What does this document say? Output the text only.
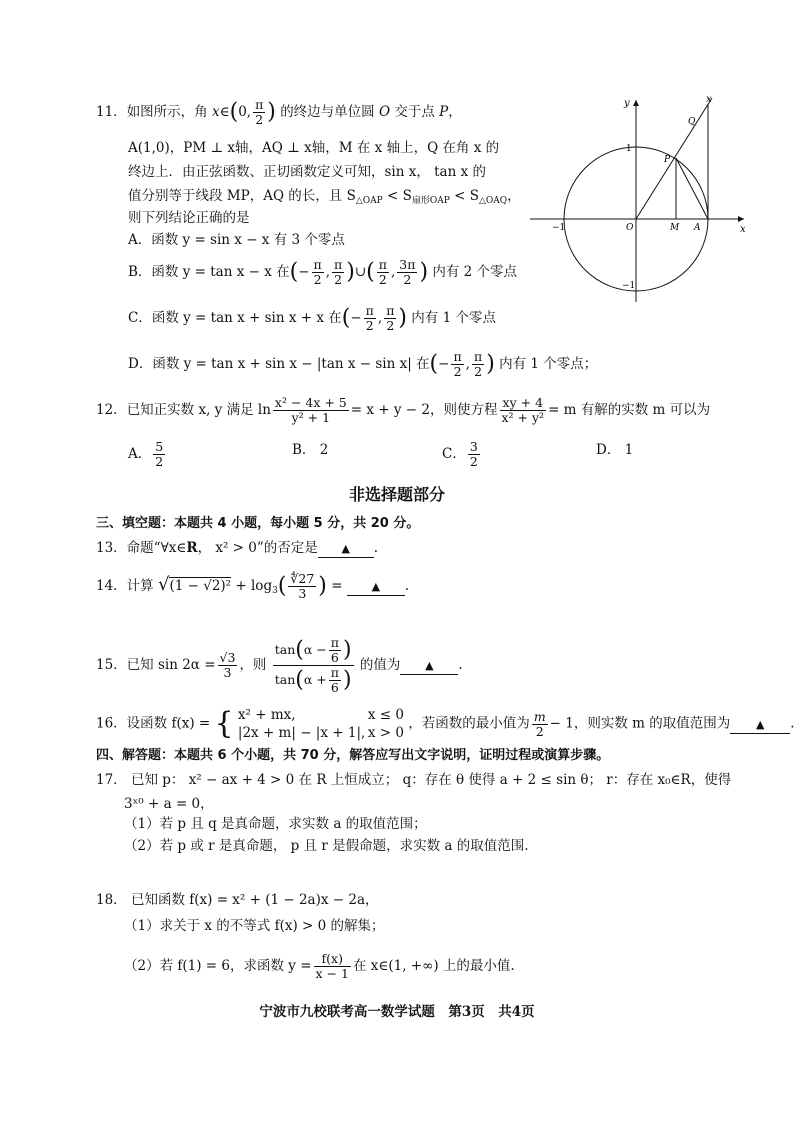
11．如图所示，角 x∈(0, $\frac{\pi}{2}$ ) 的终边与单位圆 O 交于点 P，
A(1,0)，PM ⊥ x轴，AQ ⊥ x轴，M 在 x 轴上，Q 在角 x 的
终边上．由正弦函数、正切函数定义可知，sin x， tan x 的
值分别等于线段 MP，AQ 的长，且 $S_{\triangle OAP} < S_{扇形OAP} < S_{\triangle OAQ}$，
则下列结论正确的是
A．函数 y = sin x − x 有 3 个零点
B．函数 y = tan x − x 在(− $\frac{\pi}{2}$ , $\frac{\pi}{2}$ )∪( $\frac{\pi}{2}$ , $\frac{3\pi}{2}$ ) 内有 2 个零点
C．函数 y = tan x + sin x + x 在(− $\frac{\pi}{2}$ , $\frac{\pi}{2}$ ) 内有 1 个零点
D．函数 y = tan x + sin x − |tan x − sin x| 在(− $\frac{\pi}{2}$ , $\frac{\pi}{2}$ ) 内有 1 个零点；
y	x
Q
P
1
−1	O	M A	x
−1
12．已知正实数 x, y 满足 $\ln \frac{\text{x² − 4x + 5}}{\text{y² + 1}} = x + y - 2$，则使方程 $\frac{xy + 4}{\text{x² + y²}} = m$ 有解的实数 m 可以为
A． $\frac{5}{2}$	B． 2	C． $\frac{3}{2}$	D． 1
非选择题部分
三、填空题：本题共 4 小题，每小题 5 分，共 20 分。
13．命题“∀x∈R， x² > 0”的否定是 ▲ .
14．计算 $√(1 - √2)^2 + \log_3( \frac{∜27}{3}$ ) =	▲ .
15．已知 $\sin 2\alpha = \frac{√3}{3}$ ，则 $\frac{\tan(\alpha - \frac{\pi}{6} )}{\tan(\alpha + \frac{\pi}{6} )}$ 的值为 ▲ .
16．设函数 f(x) = { x² + mx,	x ≤ 0
|2x + m| − |x + 1|, x > 0
，若函数的最小值为 $\frac{m}{2} - 1$，则实数 m 的取值范围为 ▲ .
四、解答题：本题共 6 个小题，共 70 分，解答应写出文字说明，证明过程或演算步骤。
17． 已知 p： x² − ax + 4 > 0 在 R 上恒成立； q：存在 θ 使得 a + 2 ≤ sin θ； r：存在 x₀∈R，使得
3ˣ⁰ + a = 0，
（1）若 p 且 q 是真命题，求实数 a 的取值范围；
（2）若 p 或 r 是真命题， p 且 r 是假命题，求实数 a 的取值范围.
18． 已知函数 f(x) = x² + (1 − 2a)x − 2a，
（1）求关于 x 的不等式 f(x) > 0 的解集；
（2）若 f(1) = 6，求函数 $y = \frac{f(x)}{x - 1}$ 在 x∈(1, +∞) 上的最小值.
宁波市九校联考高一数学试题　第3页　共4页
